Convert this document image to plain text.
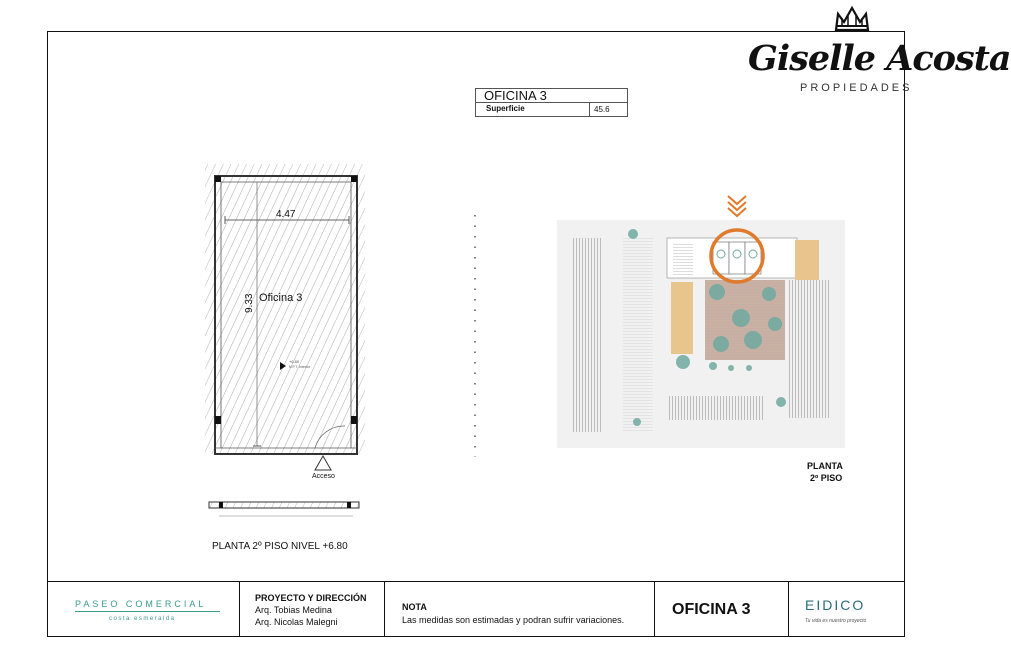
Giselle Acosta
PROPIEDADES
OFICINA 3
Superficie	45.6
4.47
9.33 Oficina 3
+6.80
N.P.T. Interior
Acceso
PLANTA 2º PISO NIVEL +6.80
PLANTA
2º PISO
PASEO COMERCIAL
costa esmeralda
PROYECTO Y DIRECCIÓN
Arq. Tobias Medina
Arq. Nicolas Malegni
NOTA
Las medidas son estimadas y podran sufrir variaciones.
OFICINA 3	EIDICO
Tu vida es nuestro proyecto
